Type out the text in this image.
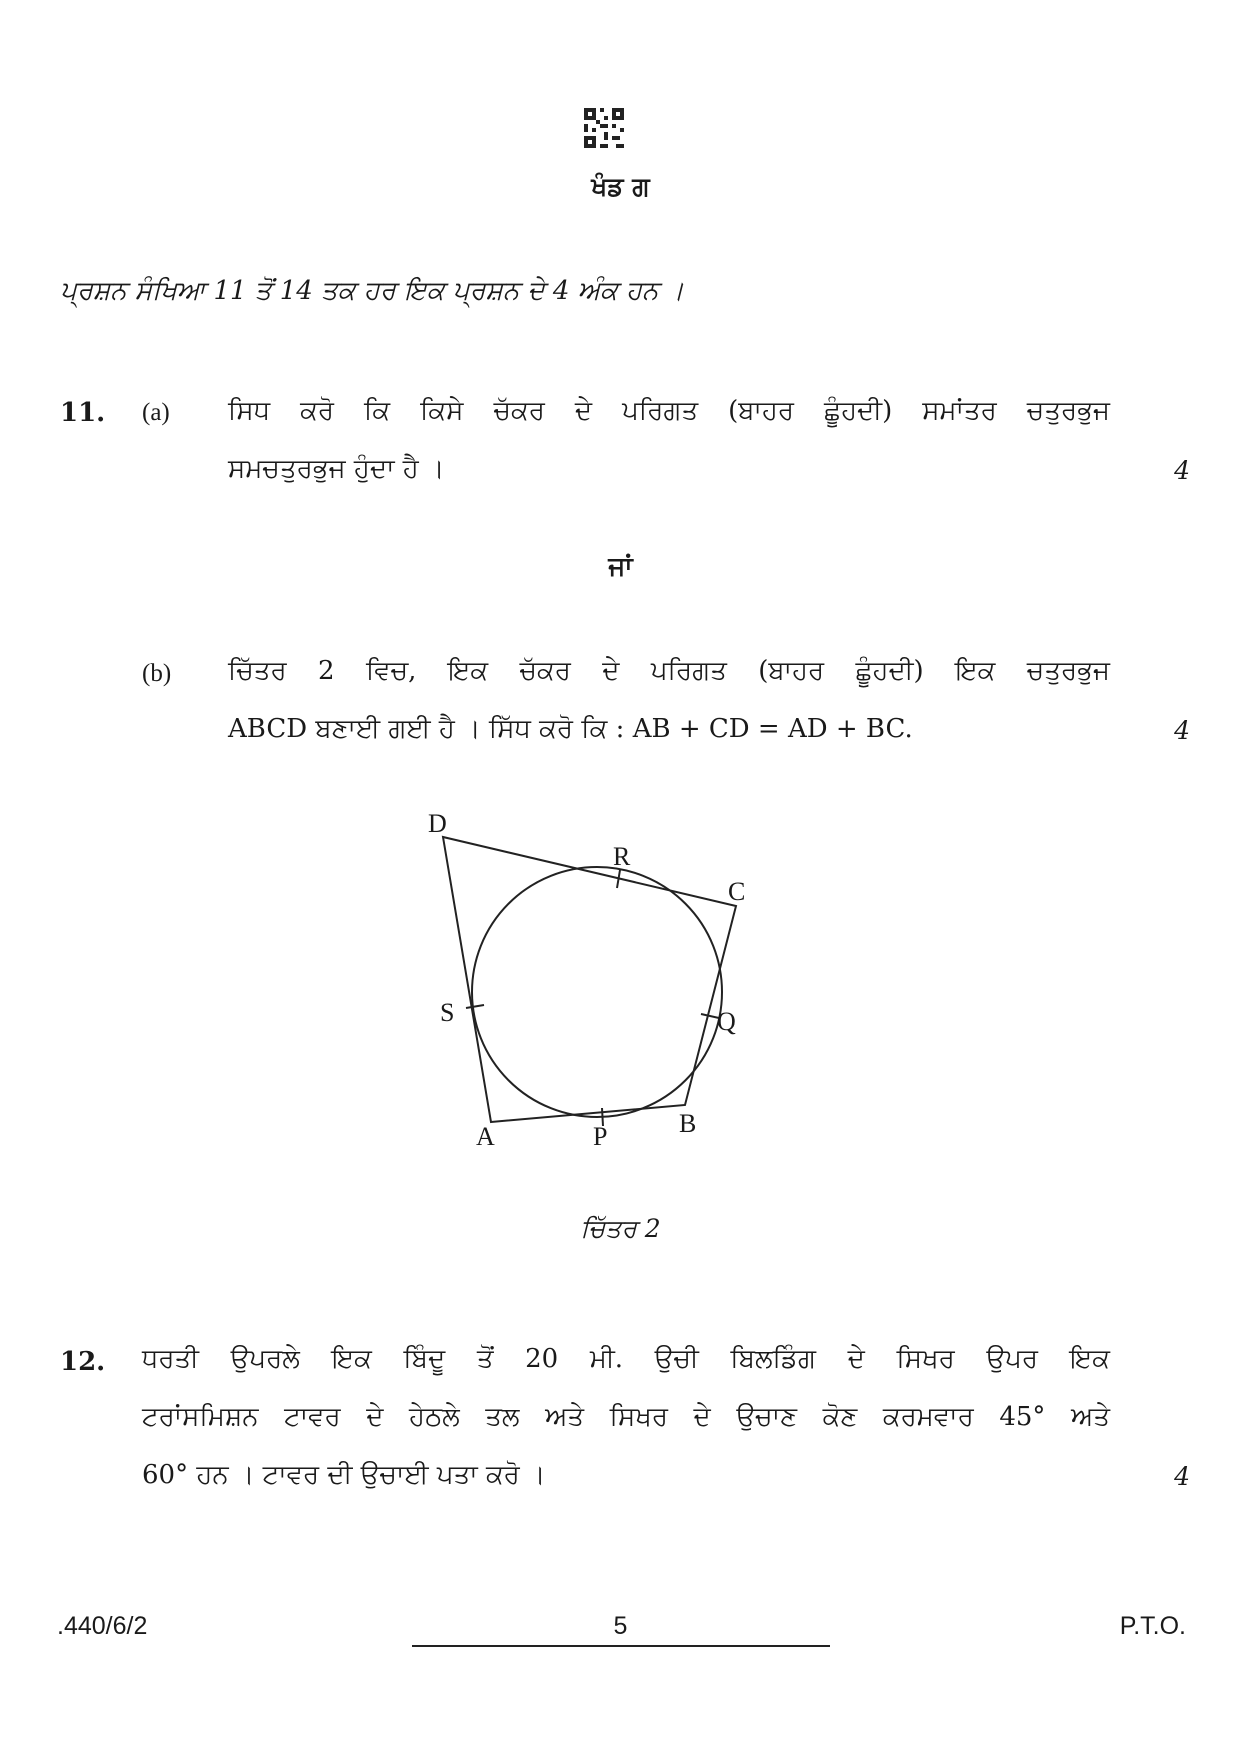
ਖੰਡ ਗ
ਪ੍ਰਸ਼ਨ ਸੰਖਿਆ 11 ਤੋਂ 14 ਤਕ ਹਰ ਇਕ ਪ੍ਰਸ਼ਨ ਦੇ 4 ਅੰਕ ਹਨ ।
11. (a) ਸਿਧ ਕਰੋ ਕਿ ਕਿਸੇ ਚੱਕਰ ਦੇ ਪਰਿਗਤ (ਬਾਹਰ ਛੂੰਹਦੀ) ਸਮਾਂਤਰ ਚਤੁਰਭੁਜ
ਸਮਚਤੁਰਭੁਜ ਹੁੰਦਾ ਹੈ ।	4
ਜਾਂ
(b) ਚਿੱਤਰ 2 ਵਿਚ, ਇਕ ਚੱਕਰ ਦੇ ਪਰਿਗਤ (ਬਾਹਰ ਛੂੰਹਦੀ) ਇਕ ਚਤੁਰਭੁਜ
ABCD ਬਣਾਈ ਗਈ ਹੈ । ਸਿੱਧ ਕਰੋ ਕਿ : AB + CD = AD + BC.	4
D
R
C
S	Q
A	P	B
ਚਿੱਤਰ 2
12. ਧਰਤੀ ਉਪਰਲੇ ਇਕ ਬਿੰਦੂ ਤੋਂ 20 ਮੀ. ਉਚੀ ਬਿਲਡਿੰਗ ਦੇ ਸਿਖਰ ਉਪਰ ਇਕ
ਟਰਾਂਸਮਿਸ਼ਨ ਟਾਵਰ ਦੇ ਹੇਠਲੇ ਤਲ ਅਤੇ ਸਿਖਰ ਦੇ ਉਚਾਣ ਕੋਣ ਕਰਮਵਾਰ 45° ਅਤੇ
60° ਹਨ । ਟਾਵਰ ਦੀ ਉਚਾਈ ਪਤਾ ਕਰੋ ।	4
.440/6/2	5	P.T.O.
